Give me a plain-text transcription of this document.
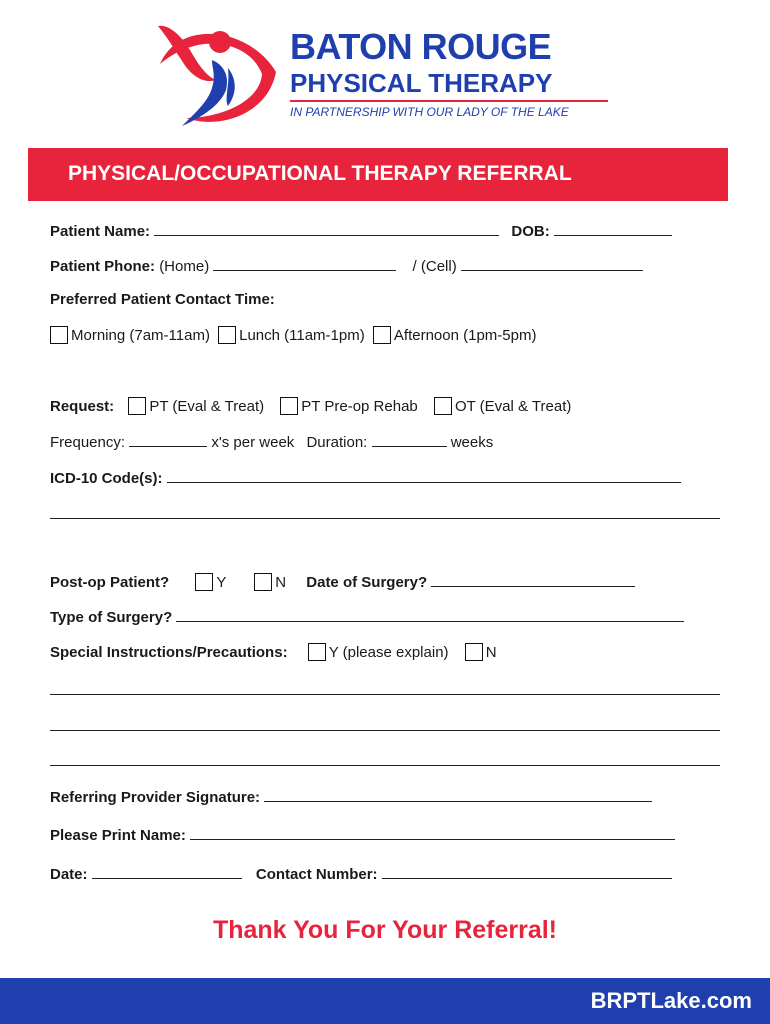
BATON ROUGE
PHYSICAL THERAPY
IN PARTNERSHIP WITH OUR LADY OF THE LAKE
PHYSICAL/OCCUPATIONAL THERAPY REFERRAL
Patient Name:	DOB:
Patient Phone: (Home)	/ (Cell)
Preferred Patient Contact Time:
Morning (7am-11am) Lunch (11am-1pm) Afternoon (1pm-5pm)
Request: PT (Eval & Treat) PT Pre-op Rehab OT (Eval & Treat)
Frequency:	x's per week Duration:	weeks
ICD-10 Code(s):
Post-op Patient?	Y	N Date of Surgery?
Type of Surgery?
Special Instructions/Precautions:	Y (please explain) N
Referring Provider Signature:
Please Print Name:
Date:	Contact Number:
Thank You For Your Referral!
BRPTLake.com
